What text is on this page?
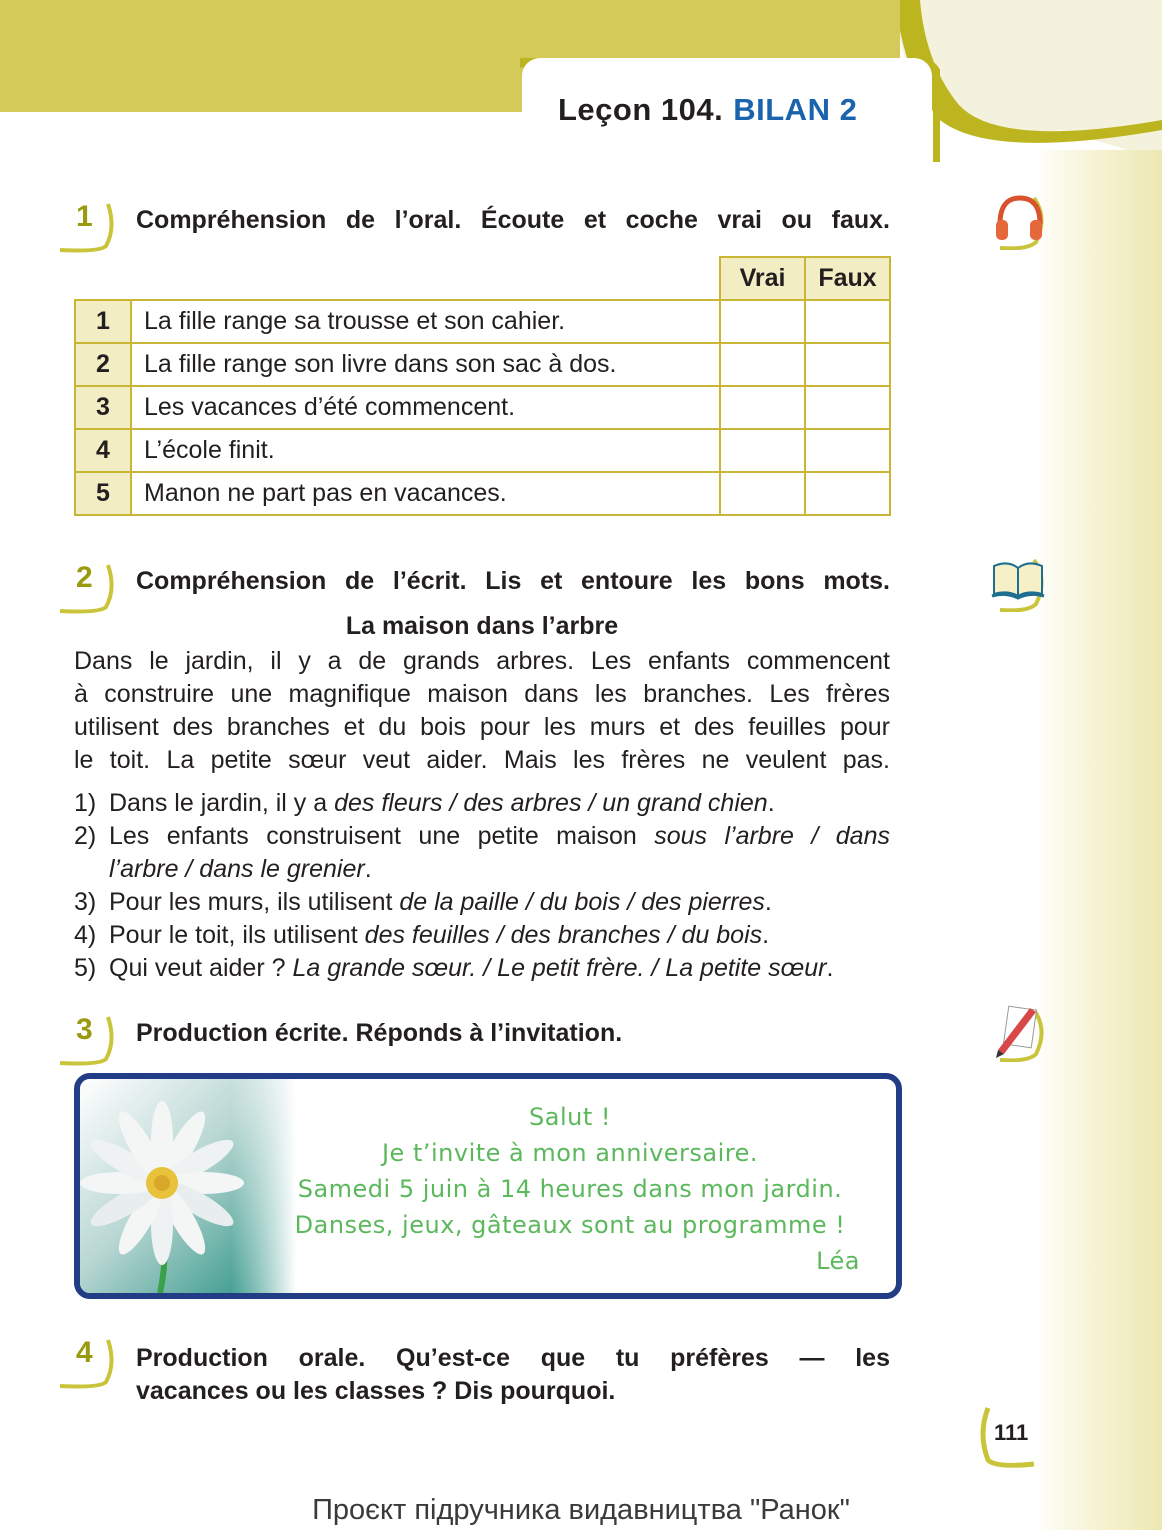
Leçon 104. BILAN 2
1 Compréhension de l’oral. Écoute et coche vrai ou faux.
		Vrai	Faux
1	La fille range sa trousse et son cahier.		
2	La fille range son livre dans son sac à dos.		
3	Les vacances d’été commencent.		
4	L’école finit.		
5	Manon ne part pas en vacances.		
2 Compréhension de l’écrit. Lis et entoure les bons mots.
La maison dans l’arbre
Dans le jardin, il y a de grands arbres. Les enfants commencent
à construire une magnifique maison dans les branches. Les frères
utilisent des branches et du bois pour les murs et des feuilles pour
le toit. La petite sœur veut aider. Mais les frères ne veulent pas.
1) Dans le jardin, il y a des fleurs / des arbres / un grand chien.
2) Les enfants construisent une petite maison sous l’arbre / dans
l’arbre / dans le grenier.
3) Pour les murs, ils utilisent de la paille / du bois / des pierres.
4) Pour le toit, ils utilisent des feuilles / des branches / du bois.
5) Qui veut aider ? La grande sœur. / Le petit frère. / La petite sœur.
3 Production écrite. Réponds à l’invitation.
Salut !
Je t’invite à mon anniversaire.
Samedi 5 juin à 14 heures dans mon jardin.
Danses, jeux, gâteaux sont au programme !
Léa
4 Production orale. Qu’est-ce que tu préfères — les
vacances ou les classes ? Dis pourquoi.
111
Проєкт підручника видавництва "Ранок"
